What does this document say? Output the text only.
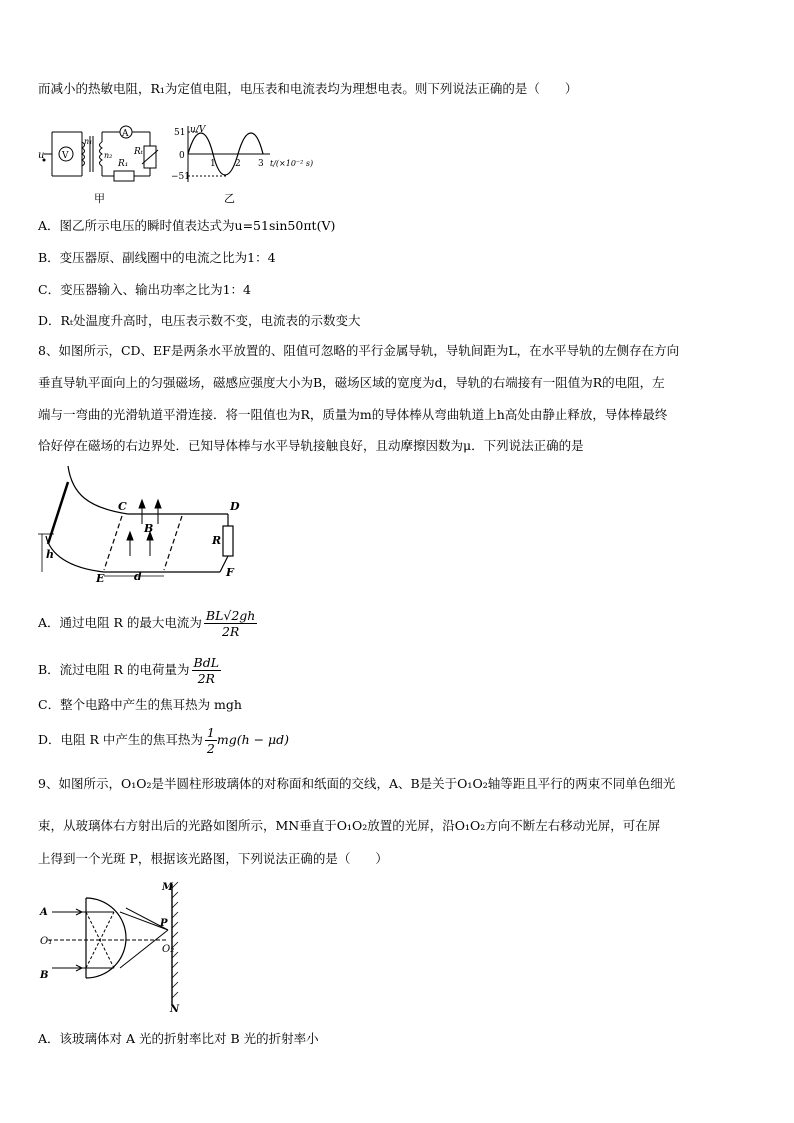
而减小的热敏电阻，R₁为定值电阻，电压表和电流表均为理想电表。则下列说法正确的是（　　）
u V
A
n₁
n₂
R₁
Rₜ
甲
u/V
51
−51
0
1 2 3 t/(×10⁻² s)
乙
A．图乙所示电压的瞬时值表达式为u=51sin50πt(V)
B．变压器原、副线圈中的电流之比为1：4
C．变压器输入、输出功率之比为1：4
D．Rₜ处温度升高时，电压表示数不变，电流表的示数变大
8、如图所示，CD、EF是两条水平放置的、阻值可忽略的平行金属导轨，导轨间距为L，在水平导轨的左侧存在方向
垂直导轨平面向上的匀强磁场，磁感应强度大小为B，磁场区域的宽度为d，导轨的右端接有一阻值为R的电阻，左
端与一弯曲的光滑轨道平滑连接．将一阻值也为R，质量为m的导体棒从弯曲轨道上h高处由静止释放，导体棒最终
恰好停在磁场的右边界处．已知导体棒与水平导轨接触良好，且动摩擦因数为μ．下列说法正确的是
C	D
E	F
B
R
h
d
A．通过电阻 R 的最大电流为 $\frac{BL√2gh}{2R}$
B．流过电阻 R 的电荷量为 $\frac{\text{BdL}}{2R}$
C．整个电路中产生的焦耳热为 mgh
D．电阻 R 中产生的焦耳热为 $\frac{1}{2} mg(h - \mu d)$
9、如图所示，O₁O₂是半圆柱形玻璃体的对称面和纸面的交线，A、B是关于O₁O₂轴等距且平行的两束不同单色细光
束，从玻璃体右方射出后的光路如图所示，MN垂直于O₁O₂放置的光屏，沿O₁O₂方向不断左右移动光屏，可在屏
上得到一个光斑 P，根据该光路图，下列说法正确的是（　　）
A
B
O₁
O₂
M
N
P
A．该玻璃体对 A 光的折射率比对 B 光的折射率小
